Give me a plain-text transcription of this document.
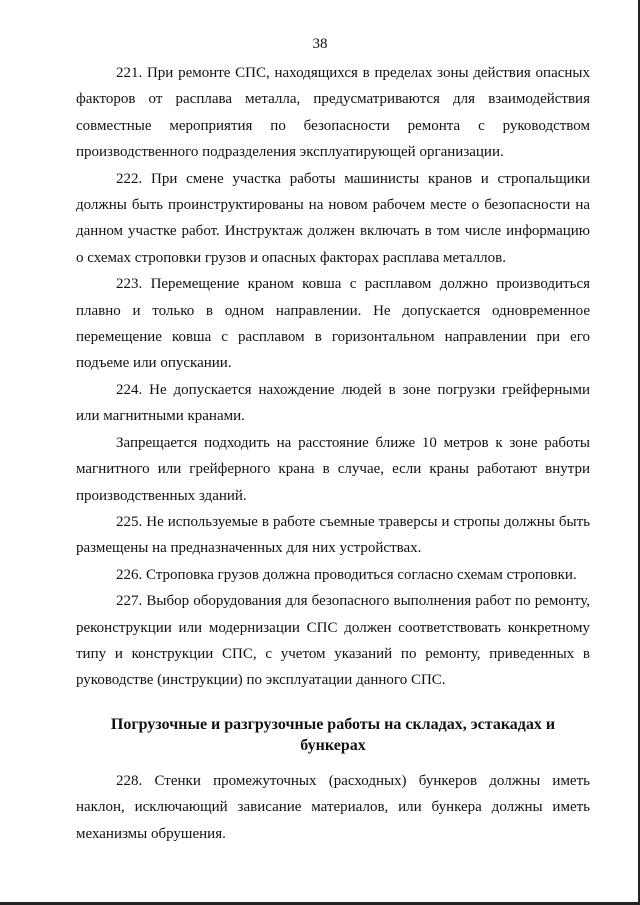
38

221. При ремонте СПС, находящихся в пределах зоны действия опасных факторов от расплава металла, предусматриваются для взаимодействия совместные мероприятия по безопасности ремонта с руководством производственного подразделения эксплуатирующей организации.

222. При смене участка работы машинисты кранов и стропальщики должны быть проинструктированы на новом рабочем месте о безопасности на данном участке работ. Инструктаж должен включать в том числе информацию о схемах строповки грузов и опасных факторах расплава металлов.

223. Перемещение краном ковша с расплавом должно производиться плавно и только в одном направлении. Не допускается одновременное перемещение ковша с расплавом в горизонтальном направлении при его подъеме или опускании.

224. Не допускается нахождение людей в зоне погрузки грейферными или магнитными кранами.

Запрещается подходить на расстояние ближе 10 метров к зоне работы магнитного или грейферного крана в случае, если краны работают внутри производственных зданий.

225. Не используемые в работе съемные траверсы и стропы должны быть размещены на предназначенных для них устройствах.

226. Строповка грузов должна проводиться согласно схемам строповки.

227. Выбор оборудования для безопасного выполнения работ по ремонту, реконструкции или модернизации СПС должен соответствовать конкретному типу и конструкции СПС, с учетом указаний по ремонту, приведенных в руководстве (инструкции) по эксплуатации данного СПС.

Погрузочные и разгрузочные работы на складах, эстакадах и бункерах

228. Стенки промежуточных (расходных) бункеров должны иметь наклон, исключающий зависание материалов, или бункера должны иметь механизмы обрушения.
